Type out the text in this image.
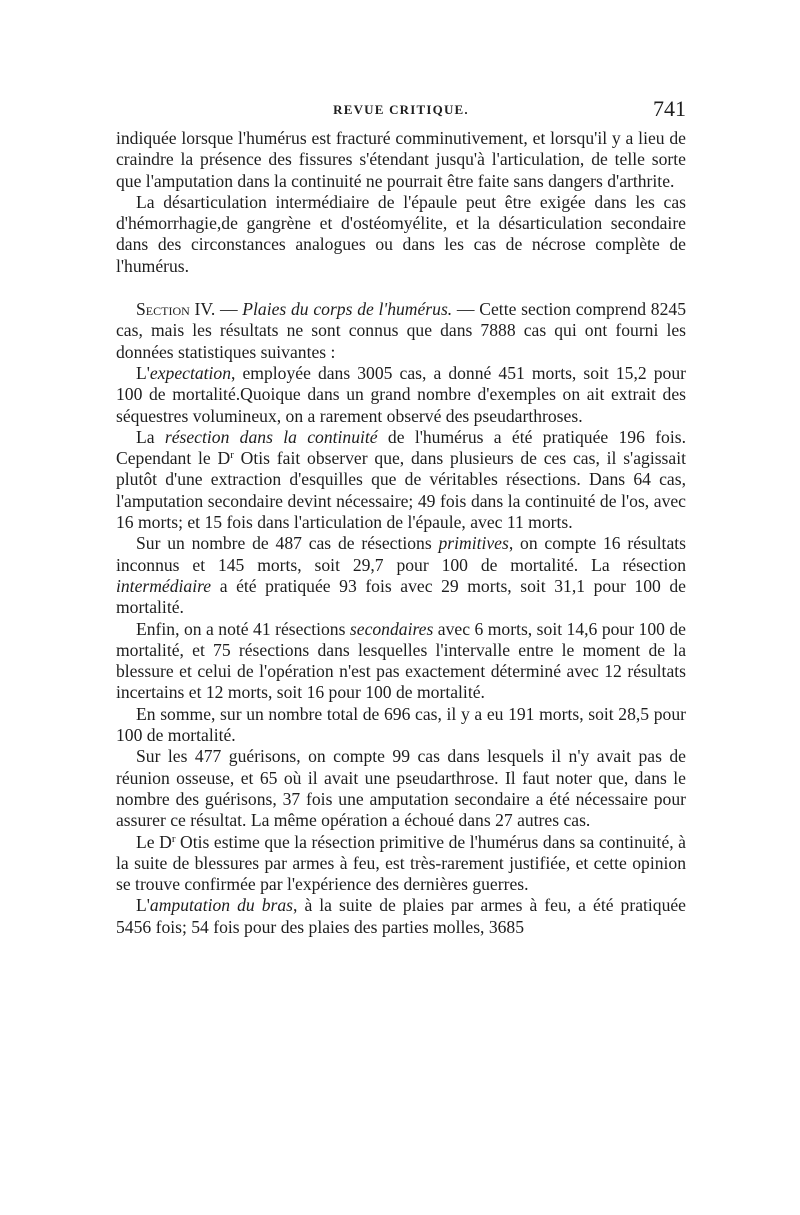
REVUE CRITIQUE.	741

indiquée lorsque l'humérus est fracturé comminutivement, et lorsqu'il y a lieu de craindre la présence des fissures s'étendant jusqu'à l'articulation, de telle sorte que l'amputation dans la continuité ne pourrait être faite sans dangers d'arthrite.

La désarticulation intermédiaire de l'épaule peut être exigée dans les cas d'hémorrhagie,de gangrène et d'ostéomyélite, et la désarticulation secondaire dans des circonstances analogues ou dans les cas de nécrose complète de l'humérus.

Section IV. — Plaies du corps de l'humérus. — Cette section comprend 8245 cas, mais les résultats ne sont connus que dans 7888 cas qui ont fourni les données statistiques suivantes :

L'expectation, employée dans 3005 cas, a donné 451 morts, soit 15,2 pour 100 de mortalité.Quoique dans un grand nombre d'exemples on ait extrait des séquestres volumineux, on a rarement observé des pseudarthroses.

La résection dans la continuité de l'humérus a été pratiquée 196 fois. Cependant le $D^r$ Otis fait observer que, dans plusieurs de ces cas, il s'agissait plutôt d'une extraction d'esquilles que de véritables résections. Dans 64 cas, l'amputation secondaire devint nécessaire; 49 fois dans la continuité de l'os, avec 16 morts; et 15 fois dans l'articulation de l'épaule, avec 11 morts.

Sur un nombre de 487 cas de résections primitives, on compte 16 résultats inconnus et 145 morts, soit 29,7 pour 100 de mortalité. La résection intermédiaire a été pratiquée 93 fois avec 29 morts, soit 31,1 pour 100 de mortalité.

Enfin, on a noté 41 résections secondaires avec 6 morts, soit 14,6 pour 100 de mortalité, et 75 résections dans lesquelles l'intervalle entre le moment de la blessure et celui de l'opération n'est pas exactement déterminé avec 12 résultats incertains et 12 morts, soit 16 pour 100 de mortalité.

En somme, sur un nombre total de 696 cas, il y a eu 191 morts, soit 28,5 pour 100 de mortalité.

Sur les 477 guérisons, on compte 99 cas dans lesquels il n'y avait pas de réunion osseuse, et 65 où il avait une pseudarthrose. Il faut noter que, dans le nombre des guérisons, 37 fois une amputation secondaire a été nécessaire pour assurer ce résultat. La même opération a échoué dans 27 autres cas.

Le $D^r$ Otis estime que la résection primitive de l'humérus dans sa continuité, à la suite de blessures par armes à feu, est très-rarement justifiée, et cette opinion se trouve confirmée par l'expérience des dernières guerres.

L'amputation du bras, à la suite de plaies par armes à feu, a été pratiquée 5456 fois; 54 fois pour des plaies des parties molles, 3685
